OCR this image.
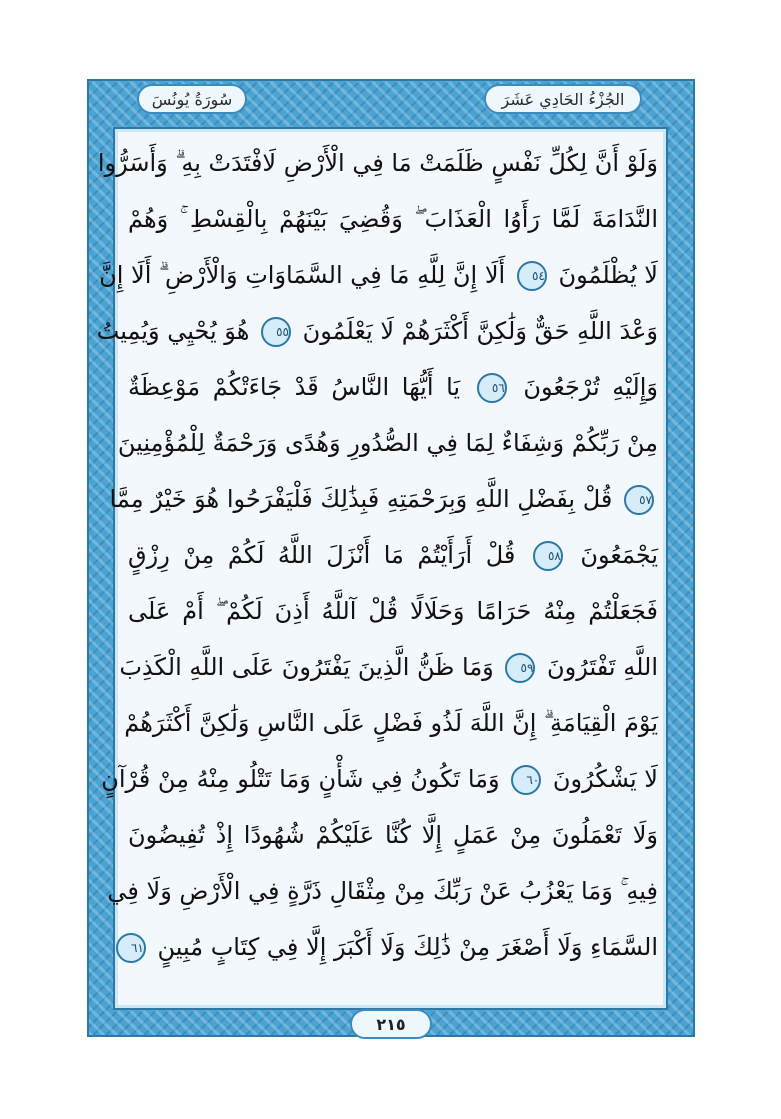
سُورَةُ يُونُسَ	الجُزْءُ الحَادِي عَشَرَ
وَلَوْ أَنَّ لِكُلِّ نَفْسٍ ظَلَمَتْ مَا فِي الْأَرْضِ لَافْتَدَتْ بِهِ ۗ وَأَسَرُّوا
النَّدَامَةَ لَمَّا رَأَوُا الْعَذَابَ ۖ وَقُضِيَ بَيْنَهُمْ بِالْقِسْطِ ۚ وَهُمْ
لَا يُظْلَمُونَ ٥٤ أَلَا إِنَّ لِلَّهِ مَا فِي السَّمَاوَاتِ وَالْأَرْضِ ۗ أَلَا إِنَّ
وَعْدَ اللَّهِ حَقٌّ وَلَٰكِنَّ أَكْثَرَهُمْ لَا يَعْلَمُونَ ٥٥ هُوَ يُحْيِي وَيُمِيتُ
وَإِلَيْهِ تُرْجَعُونَ ٥٦ يَا أَيُّهَا النَّاسُ قَدْ جَاءَتْكُمْ مَوْعِظَةٌ
مِنْ رَبِّكُمْ وَشِفَاءٌ لِمَا فِي الصُّدُورِ وَهُدًى وَرَحْمَةٌ لِلْمُؤْمِنِينَ
٥٧ قُلْ بِفَضْلِ اللَّهِ وَبِرَحْمَتِهِ فَبِذَٰلِكَ فَلْيَفْرَحُوا هُوَ خَيْرٌ مِمَّا
يَجْمَعُونَ ٥٨ قُلْ أَرَأَيْتُمْ مَا أَنْزَلَ اللَّهُ لَكُمْ مِنْ رِزْقٍ
فَجَعَلْتُمْ مِنْهُ حَرَامًا وَحَلَالًا قُلْ آللَّهُ أَذِنَ لَكُمْ ۖ أَمْ عَلَى
اللَّهِ تَفْتَرُونَ ٥٩ وَمَا ظَنُّ الَّذِينَ يَفْتَرُونَ عَلَى اللَّهِ الْكَذِبَ
يَوْمَ الْقِيَامَةِ ۗ إِنَّ اللَّهَ لَذُو فَضْلٍ عَلَى النَّاسِ وَلَٰكِنَّ أَكْثَرَهُمْ
لَا يَشْكُرُونَ ٦٠ وَمَا تَكُونُ فِي شَأْنٍ وَمَا تَتْلُو مِنْهُ مِنْ قُرْآنٍ
وَلَا تَعْمَلُونَ مِنْ عَمَلٍ إِلَّا كُنَّا عَلَيْكُمْ شُهُودًا إِذْ تُفِيضُونَ
فِيهِ ۚ وَمَا يَعْزُبُ عَنْ رَبِّكَ مِنْ مِثْقَالِ ذَرَّةٍ فِي الْأَرْضِ وَلَا فِي
السَّمَاءِ وَلَا أَصْغَرَ مِنْ ذَٰلِكَ وَلَا أَكْبَرَ إِلَّا فِي كِتَابٍ مُبِينٍ ٦١
٢١٥
